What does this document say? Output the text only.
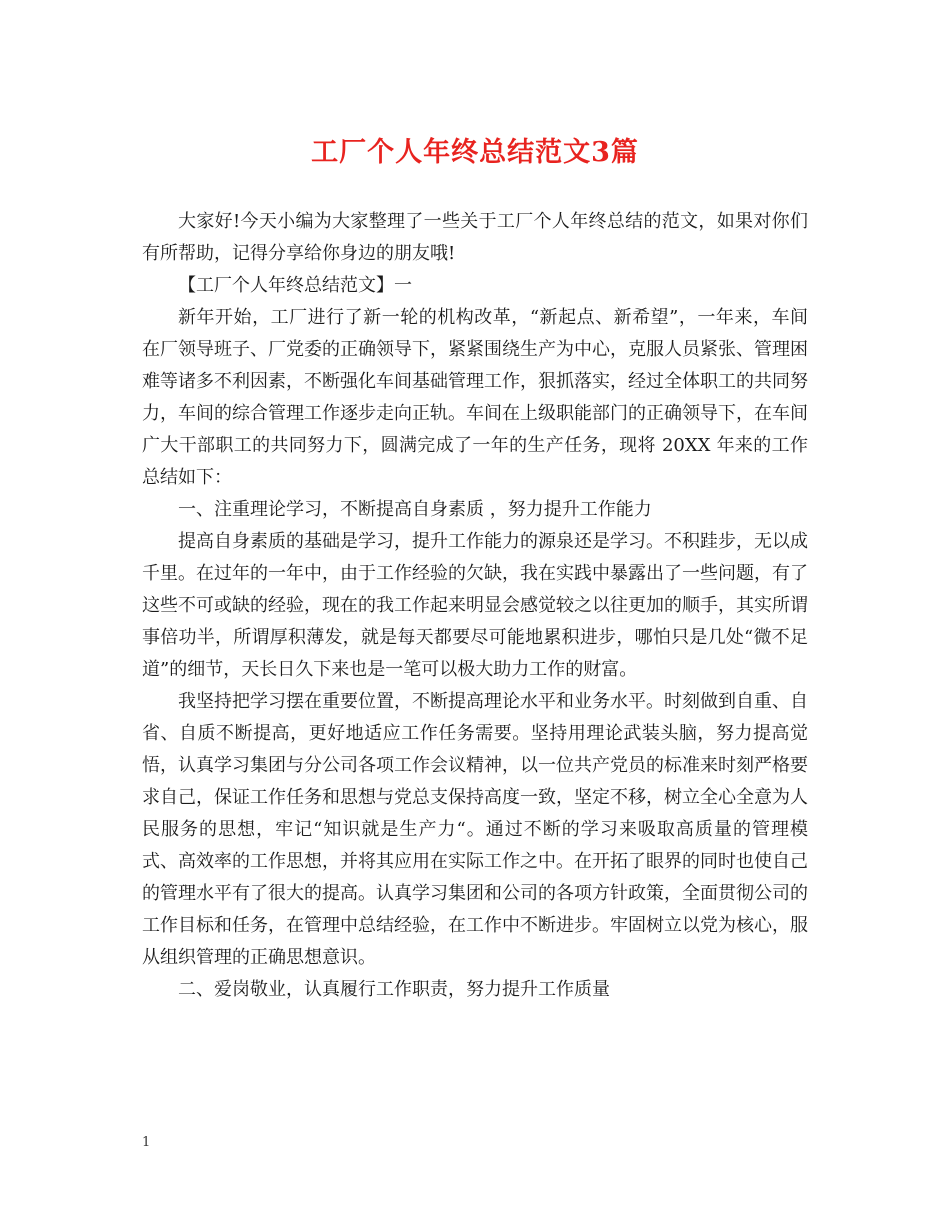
工厂个人年终总结范文3篇

大家好!今天小编为大家整理了一些关于工厂个人年终总结的范文，如果对你们有所帮助，记得分享给你身边的朋友哦!

【工厂个人年终总结范文】一

新年开始，工厂进行了新一轮的机构改革，“新起点、新希望”，一年来，车间在厂领导班子、厂党委的正确领导下，紧紧围绕生产为中心，克服人员紧张、管理困难等诸多不利因素，不断强化车间基础管理工作，狠抓落实，经过全体职工的共同努力，车间的综合管理工作逐步走向正轨。车间在上级职能部门的正确领导下，在车间广大干部职工的共同努力下，圆满完成了一年的生产任务，现将 20XX 年来的工作总结如下：

一、注重理论学习，不断提高自身素质 ，努力提升工作能力

提高自身素质的基础是学习，提升工作能力的源泉还是学习。不积跬步，无以成千里。在过年的一年中，由于工作经验的欠缺，我在实践中暴露出了一些问题，有了这些不可或缺的经验，现在的我工作起来明显会感觉较之以往更加的顺手，其实所谓事倍功半，所谓厚积薄发，就是每天都要尽可能地累积进步，哪怕只是几处“微不足道”的细节，天长日久下来也是一笔可以极大助力工作的财富。

我坚持把学习摆在重要位置，不断提高理论水平和业务水平。时刻做到自重、自省、自质不断提高，更好地适应工作任务需要。坚持用理论武装头脑，努力提高觉悟，认真学习集团与分公司各项工作会议精神，以一位共产党员的标准来时刻严格要求自己，保证工作任务和思想与党总支保持高度一致，坚定不移，树立全心全意为人民服务的思想，牢记“知识就是生产力“。通过不断的学习来吸取高质量的管理模式、高效率的工作思想，并将其应用在实际工作之中。在开拓了眼界的同时也使自己的管理水平有了很大的提高。认真学习集团和公司的各项方针政策，全面贯彻公司的工作目标和任务，在管理中总结经验，在工作中不断进步。牢固树立以党为核心，服从组织管理的正确思想意识。

二、爱岗敬业，认真履行工作职责，努力提升工作质量

1
